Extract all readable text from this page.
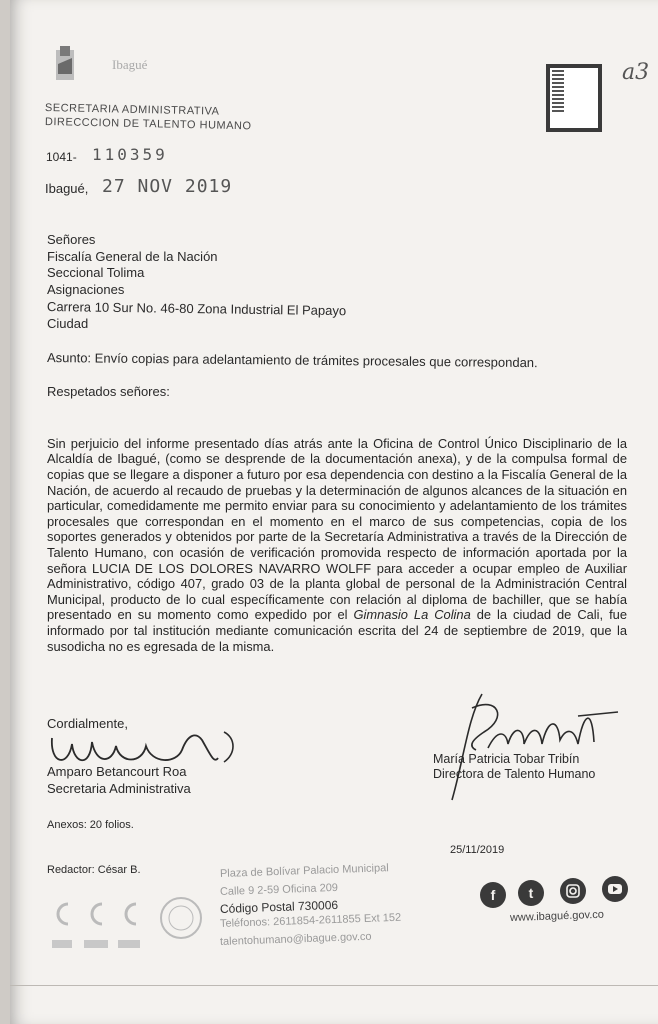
Ibagué
SECRETARIA ADMINISTRATIVA
DIRECCCION DE TALENTO HUMANO
a3
1041- 110359
Ibagué, 27 NOV 2019
Señores
Fiscalía General de la Nación
Seccional Tolima
Asignaciones
Carrera 10 Sur No. 46-80 Zona Industrial El Papayo
Ciudad
Asunto: Envío copias para adelantamiento de trámites procesales que correspondan.
Respetados señores:

Sin perjuicio del informe presentado días atrás ante la Oficina de Control Único Disciplinario de la Alcaldía de Ibagué, (como se desprende de la documentación anexa), y de la compulsa formal de copias que se llegare a disponer a futuro por esa dependencia con destino a la Fiscalía General de la Nación, de acuerdo al recaudo de pruebas y la determinación de algunos alcances de la situación en particular, comedidamente me permito enviar para su conocimiento y adelantamiento de los trámites procesales que correspondan en el momento en el marco de sus competencias, copia de los soportes generados y obtenidos por parte de la Secretaría Administrativa a través de la Dirección de Talento Humano, con ocasión de verificación promovida respecto de información aportada por la señora LUCIA DE LOS DOLORES NAVARRO WOLFF para acceder a ocupar empleo de Auxiliar Administrativo, código 407, grado 03 de la planta global de personal de la Administración Central Municipal, producto de lo cual específicamente con relación al diploma de bachiller, que se había presentado en su momento como expedido por el Gimnasio La Colina de la ciudad de Cali, fue informado por tal institución mediante comunicación escrita del 24 de septiembre de 2019, que la susodicha no es egresada de la misma.

Cordialmente,
Amparo Betancourt Roa
Secretaria Administrativa
María Patricia Tobar Tribín
Directora de Talento Humano
Anexos: 20 folios.
25/11/2019
Redactor: César B.	Plaza de Bolívar Palacio Municipal
Calle 9 2-59 Oficina 209
Código Postal 730006
Teléfonos: 2611854-2611855 Ext 152
talentohumano@ibague.gov.co
f	t
www.ibagué.gov.co
